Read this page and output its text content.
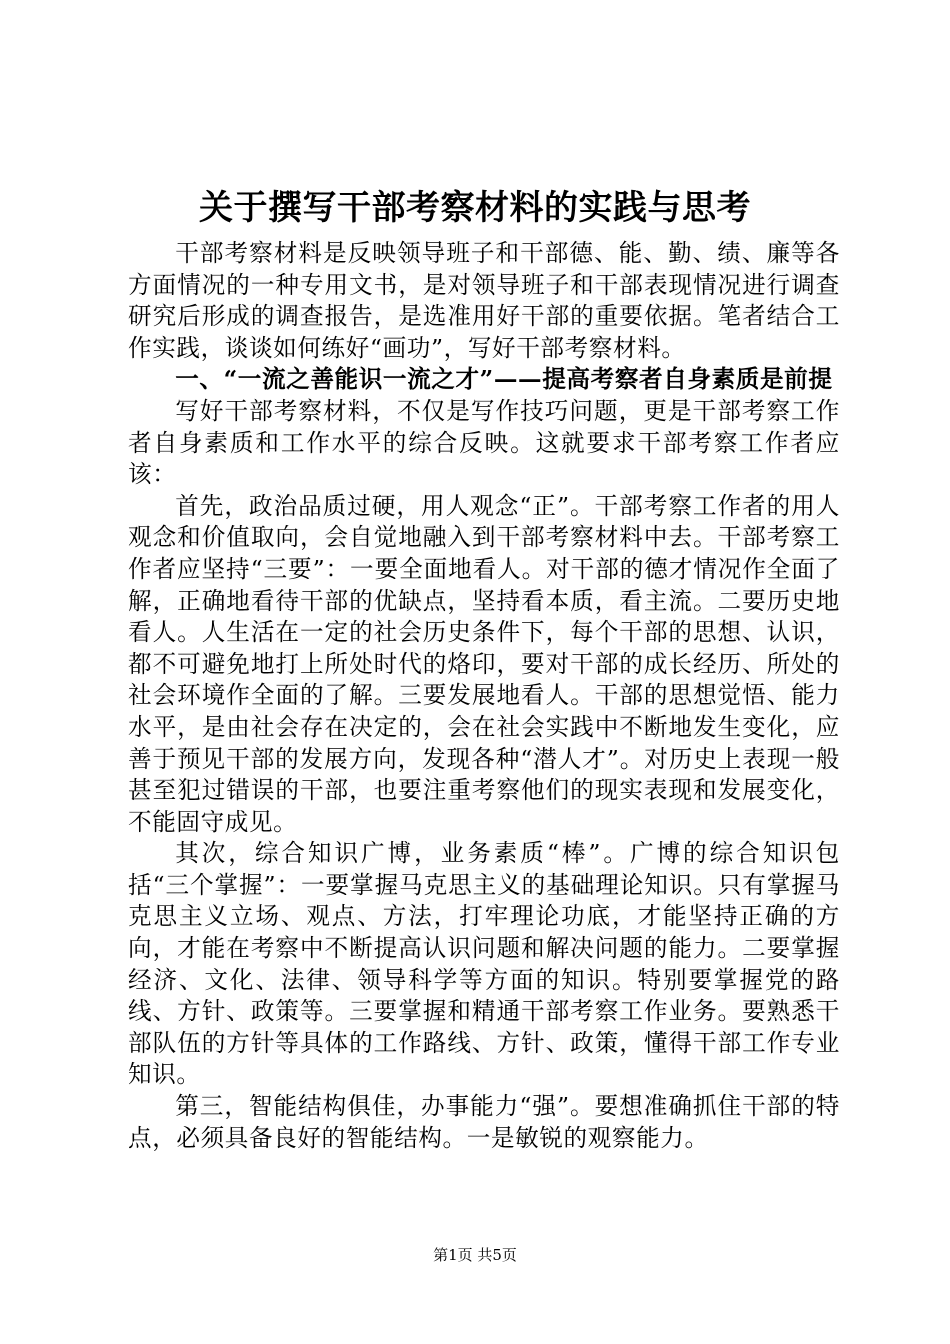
关于撰写干部考察材料的实践与思考

干部考察材料是反映领导班子和干部德、能、勤、绩、廉等各方面情况的一种专用文书，是对领导班子和干部表现情况进行调查研究后形成的调查报告，是选准用好干部的重要依据。笔者结合工作实践，谈谈如何练好“画功”，写好干部考察材料。

一、“一流之善能识一流之才”——提高考察者自身素质是前提

写好干部考察材料，不仅是写作技巧问题，更是干部考察工作者自身素质和工作水平的综合反映。这就要求干部考察工作者应该：

首先，政治品质过硬，用人观念“正”。干部考察工作者的用人观念和价值取向，会自觉地融入到干部考察材料中去。干部考察工作者应坚持“三要”：一要全面地看人。对干部的德才情况作全面了解，正确地看待干部的优缺点，坚持看本质，看主流。二要历史地看人。人生活在一定的社会历史条件下，每个干部的思想、认识，都不可避免地打上所处时代的烙印，要对干部的成长经历、所处的社会环境作全面的了解。三要发展地看人。干部的思想觉悟、能力水平，是由社会存在决定的，会在社会实践中不断地发生变化，应善于预见干部的发展方向，发现各种“潜人才”。对历史上表现一般甚至犯过错误的干部，也要注重考察他们的现实表现和发展变化，不能固守成见。

其次，综合知识广博，业务素质“棒”。广博的综合知识包括“三个掌握”：一要掌握马克思主义的基础理论知识。只有掌握马克思主义立场、观点、方法，打牢理论功底，才能坚持正确的方向，才能在考察中不断提高认识问题和解决问题的能力。二要掌握经济、文化、法律、领导科学等方面的知识。特别要掌握党的路线、方针、政策等。三要掌握和精通干部考察工作业务。要熟悉干部队伍的方针等具体的工作路线、方针、政策，懂得干部工作专业知识。

第三，智能结构俱佳，办事能力“强”。要想准确抓住干部的特点，必须具备良好的智能结构。一是敏锐的观察能力。

第1页 共5页
